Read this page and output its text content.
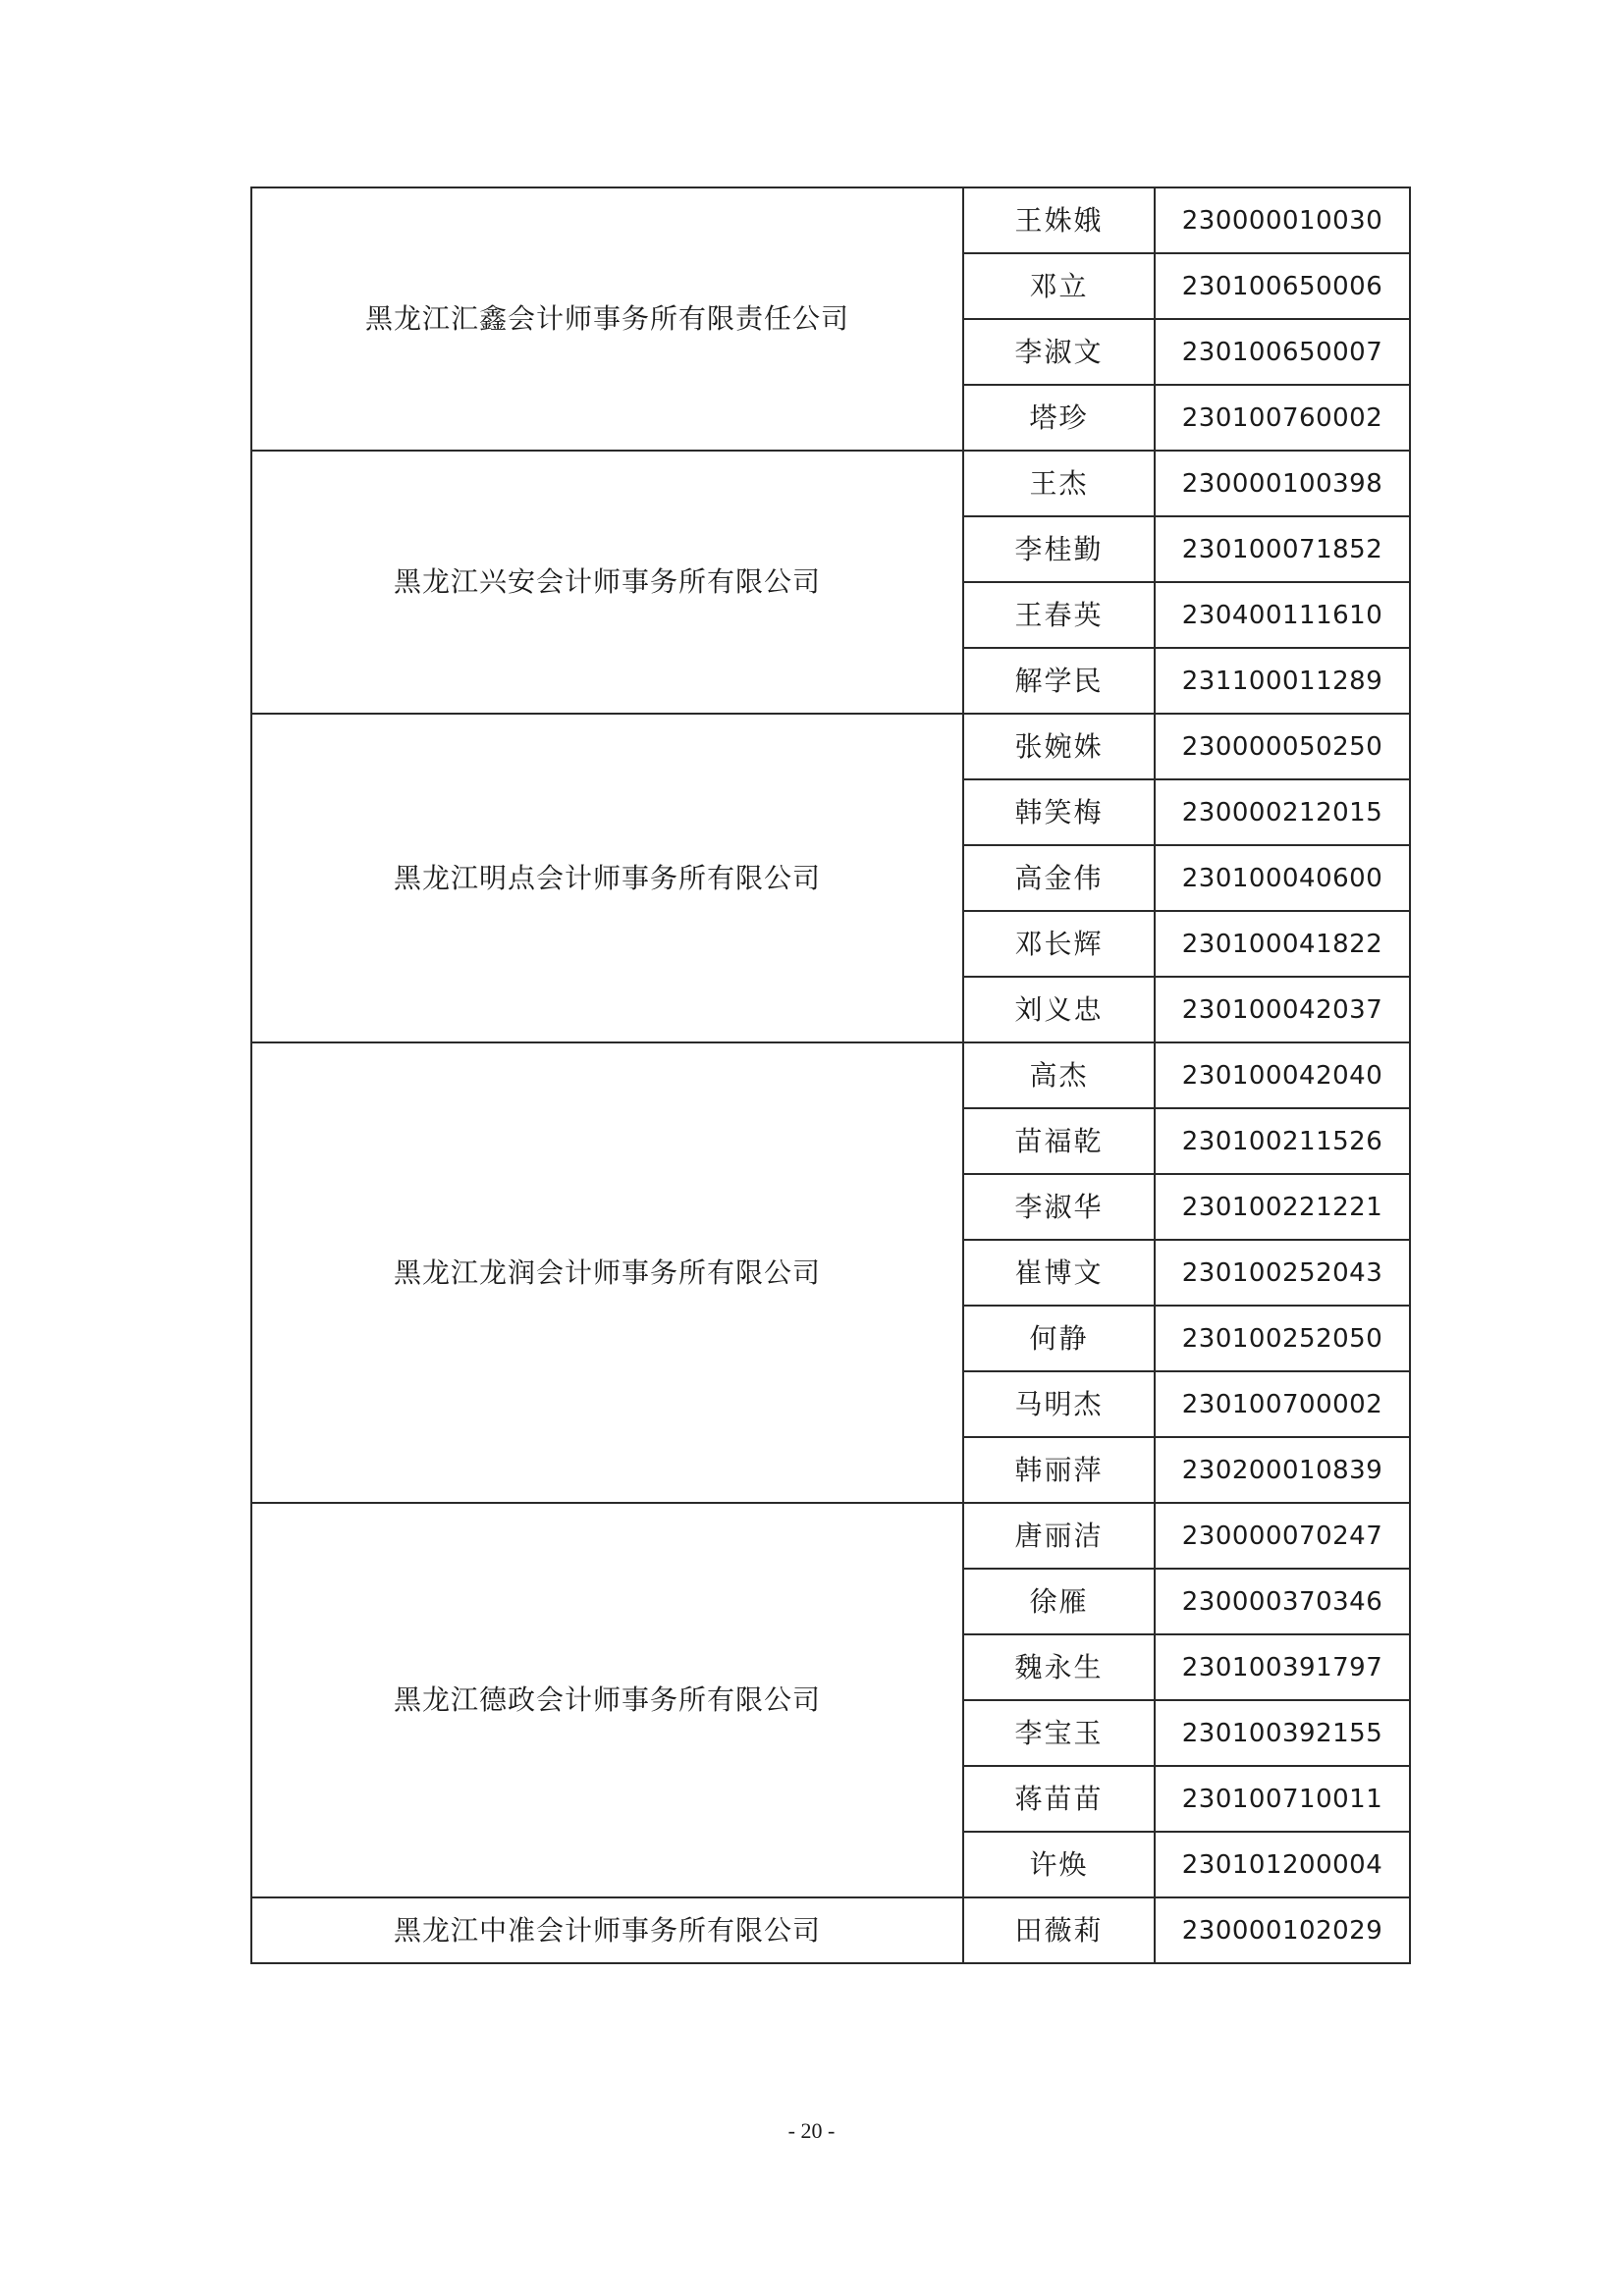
黑龙江汇鑫会计师事务所有限责任公司	王姝娥	230000010030
	邓立	230100650006
	李淑文	230100650007
	塔珍	230100760002
黑龙江兴安会计师事务所有限公司	王杰	230000100398
	李桂勤	230100071852
	王春英	230400111610
	解学民	231100011289
黑龙江明点会计师事务所有限公司	张婉姝	230000050250
	韩笑梅	230000212015
	高金伟	230100040600
	邓长辉	230100041822
	刘义忠	230100042037
黑龙江龙润会计师事务所有限公司	高杰	230100042040
	苗福乾	230100211526
	李淑华	230100221221
	崔博文	230100252043
	何静	230100252050
	马明杰	230100700002
	韩丽萍	230200010839
黑龙江德政会计师事务所有限公司	唐丽洁	230000070247
	徐雁	230000370346
	魏永生	230100391797
	李宝玉	230100392155
	蒋苗苗	230100710011
	许焕	230101200004
黑龙江中准会计师事务所有限公司	田薇莉	230000102029
- 20 -
